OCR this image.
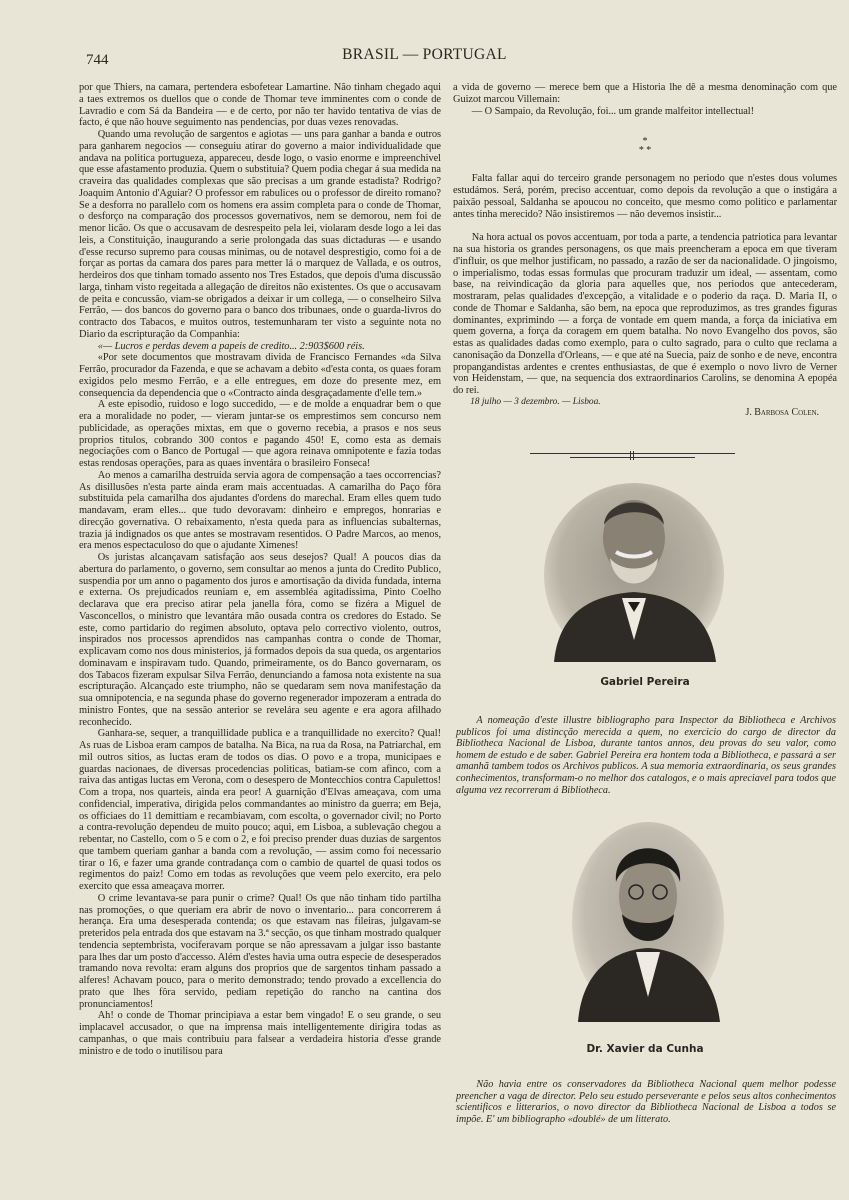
744	BRASIL — PORTUGAL

por que Thiers, na camara, pertendera esbofetear Lamartine. Não tinham chegado aqui a taes extremos os duellos que o conde de Thomar teve imminentes com o conde de Lavradio e com Sá da Bandeira — e de certo, por não ter havido tentativa de vias de facto, é que não houve seguimento nas pendencias, por duas vezes renovadas.

Quando uma revolução de sargentos e agiotas — uns para ganhar a banda e outros para ganharem negocios — conseguiu atirar do governo a maior individualidade que andava na politica portugueza, appareceu, desde logo, o vasio enorme e impreenchivel que esse afastamento produzia. Quem o substituia? Quem podia chegar á sua medida na craveira das qualidades complexas que são precisas a um grande estadista? Rodrigo? Joaquim Antonio d'Aguiar? O professor em rabulices ou o professor de direito romano? Se a desforra no parallelo com os homens era assim completa para o conde de Thomar, o desforço na comparação dos processos governativos, nem se demorou, nem foi de menor licão. Os que o accusavam de desrespeito pela lei, violaram desde logo a lei das leis, a Constituição, inaugurando a serie prolongada das suas dictaduras — e usando d'esse recurso supremo para cousas minimas, ou de notavel desprestigio, como foi a de forçar as portas da camara dos pares para metter lá o marquez de Vallada, e os outros, herdeiros dos que tinham tomado assento nos Tres Estados, que depois d'uma discussão larga, tinham visto regeitada a allegação de direitos não existentes. Os que o accusavam de peita e concussão, viam-se obrigados a deixar ir um collega, — o conselheiro Silva Ferrão, — dos bancos do governo para o banco dos tribunaes, onde o guarda-livros do contracto dos Tabacos, e muitos outros, testemunharam ter visto a seguinte nota no Diario da escripturação da Companhia:

«— Lucros e perdas devem a papeis de credito... 2:903$600 réis.

«Por sete documentos que mostravam divida de Francisco Fernandes «da Silva Ferrão, procurador da Fazenda, e que se achavam a debito «d'esta conta, os quaes foram exigidos pelo mesmo Ferrão, e a elle entregues, em doze do presente mez, em consequencia da dependencia que o «Contracto ainda desgraçadamente d'elle tem.»

A este episodio, ruidoso e logo succedido, — e de molde a enquadrar bem o que era a moralidade no poder, — vieram juntar-se os emprestimos sem concurso nem publicidade, as operações mixtas, em que o governo recebia, a prasos e nos seus proprios titulos, cobrando 300 contos e pagando 450! E, como esta as demais negociações com o Banco de Portugal — que agora reinava omnipotente e fazia todas estas rendosas operações, para as quaes inventára o brasileiro Fonseca!

Ao menos a camarilha destruida servia agora de compensação a taes occorrencias? As disillusões n'esta parte ainda eram mais accentuadas. A camarilha do Paço fôra substituida pela camarilha dos ajudantes d'ordens do marechal. Eram elles quem tudo mandavam, eram elles... que tudo devoravam: dinheiro e empregos, honrarias e direcção governativa. O rebaixamento, n'esta queda para as influencias subalternas, trazia já indignados os que antes se mostravam resentidos. O Padre Marcos, ao menos, era menos espectaculoso do que o ajudante Ximenes!

Os juristas alcançavam satisfação aos seus desejos? Qual! A poucos dias da abertura do parlamento, o governo, sem consultar ao menos a junta do Credito Publico, suspendia por um anno o pagamento dos juros e amortisação da divida fundada, interna e externa. Os prejudicados reuniam e, em assembléa agitadissima, Pinto Coelho declarava que era preciso atirar pela janella fóra, como se fizéra a Miguel de Vasconcellos, o ministro que levantára mão ousada contra os credores do Estado. Se este, como partidario do regimen absoluto, optava pelo correctivo violento, outros, inspirados nos processos aprendidos nas campanhas contra o conde de Thomar, explicavam como nos dous ministerios, já formados depois da sua queda, os argentarios dominavam e inspiravam tudo. Quando, primeiramente, os do Banco governaram, os dos Tabacos fizeram expulsar Silva Ferrão, denunciando a famosa nota existente na sua escripturação. Alcançado este triumpho, não se quedaram sem nova manifestação da sua omnipotencia, e na segunda phase do governo regenerador impozeram a entrada do ministro Fontes, que na sessão anterior se revelára seu agente e era agora afilhado reconhecido.

Ganhara-se, sequer, a tranquillidade publica e a tranquillidade no exercito? Qual! As ruas de Lisboa eram campos de batalha. Na Bica, na rua da Rosa, na Patriarchal, em mil outros sitios, as luctas eram de todos os dias. O povo e a tropa, municipaes e guardas nacionaes, de diversas procedencias politicas, batiam-se com afinco, com a raiva das antigas luctas em Verona, com o desespero de Montecchios contra Capulettos! Com a tropa, nos quarteis, ainda era peor! A guarnição d'Elvas ameaçava, com uma confidencial, imperativa, dirigida pelos commandantes ao ministro da guerra; em Beja, os officiaes do 11 demittiam e recambiavam, com escolta, o governador civil; no Porto a contra-revolução dependeu de muito pouco; aqui, em Lisboa, a sublevação chegou a rebentar, no Castello, com o 5 e com o 2, e foi preciso prender duas duzias de sargentos que tambem queriam ganhar a banda com a revolução, — assim como foi necessario tirar o 16, e fazer uma grande contradança com o cambio de quartel de quasi todos os regimentos do paiz! Como em todas as revoluções que veem pelo exercito, era pelo exercito que essa ameaçava morrer.

O crime levantava-se para punir o crime? Qual! Os que não tinham tido partilha nas promoções, o que queriam era abrir de novo o inventario... para concorrerem á herança. Era uma desesperada contenda; os que estavam nas fileiras, julgavam-se preteridos pela entrada dos que estavam na 3.ª secção, os que tinham mostrado qualquer tendencia septembrista, vociferavam porque se não apressavam a julgar isso bastante para lhes dar um posto d'accesso. Além d'estes havia uma outra especie de desesperados tramando nova revolta: eram alguns dos proprios que de sargentos tinham passado a alferes! Achavam pouco, para o merito demonstrado; tendo provado a excellencia do prato que lhes fôra servido, pediam repetição do rancho na cantina dos pronunciamentos!

Ah! o conde de Thomar principiava a estar bem vingado! E o seu grande, o seu implacavel accusador, o que na imprensa mais intelligentemente dirigira todas as campanhas, o que mais contribuiu para falsear a verdadeira historia d'esse grande ministro e de todo o inutilisou para

a vida de governo — merece bem que a Historia lhe dê a mesma denominação com que Guizot marcou Villemain:

— O Sampaio, da Revolução, foi... um grande malfeitor intellectual!

*
* *

Falta fallar aqui do terceiro grande personagem no periodo que n'estes dous volumes estudámos. Será, porém, preciso accentuar, como depois da revolução a que o instigára a paixão pessoal, Saldanha se apoucou no conceito, que mesmo como politico e parlamentar antes tinha merecido? Não insistiremos — não devemos insistir...

Na hora actual os povos accentuam, por toda a parte, a tendencia patriotica para levantar na sua historia os grandes personagens, os que mais preencheram a epoca em que tiveram d'influir, os que melhor justificam, no passado, a razão de ser da nacionalidade. O jingoismo, o imperialismo, todas essas formulas que procuram traduzir um ideal, — assentam, como base, na reivindicação da gloria para aquelles que, nos periodos que antecederam, mostraram, pelas qualidades d'excepção, a vitalidade e o poderio da raça. D. Maria II, o conde de Thomar e Saldanha, são bem, na epoca que reproduzimos, as tres grandes figuras dominantes, exprimindo — a força de vontade em quem manda, a força da iniciativa em quem governa, a força da coragem em quem batalha. No novo Evangelho dos povos, são estas as qualidades dadas como exemplo, para o culto sagrado, para o culto que reclama a canonisação da Donzella d'Orleans, — e que até na Suecia, paiz de sonho e de neve, encontra propangandistas ardentes e crentes enthusiastas, de que é exemplo o novo livro de Verner von Heidenstam, — que, na sequencia dos extraordinarios Carolins, se denomina A epopéa do rei.

18 julho — 3 dezembro. — Lisboa.

J. Barbosa Colen.
Gabriel Pereira
A nomeação d'este illustre bibliographo para Inspector da Bibliotheca e Archivos publicos foi uma distincção merecida a quem, no exercicio do cargo de director da Bibliotheca Nacional de Lisboa, durante tantos annos, deu provas do seu valor, como homem de estudo e de saber. Gabriel Pereira era hontem toda a Bibliotheca, e passará a ser amanhã tambem todos os Archivos publicos. A sua memoria extraordinaria, os seus grandes conhecimentos, transformam-o no melhor dos catalogos, e o mais apreciavel para todos que alguma vez recorreram á Bibliotheca.
Dr. Xavier da Cunha
Não havia entre os conservadores da Bibliotheca Nacional quem melhor podesse preencher a vaga de director. Pelo seu estudo perseverante e pelos seus altos conhecimentos scientificos e litterarios, o novo director da Bibliotheca Nacional de Lisboa a todos se impõe. E' um bibliographo «doublé» de um litterato.
